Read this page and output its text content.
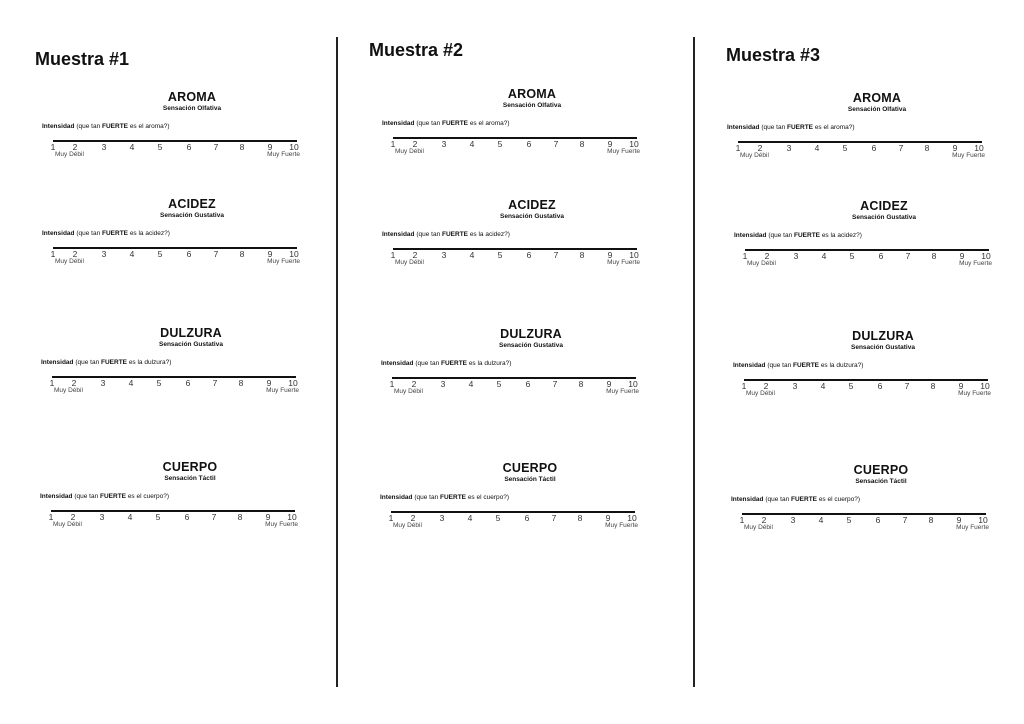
Muestra #1
AROMA
Sensación Olfativa
Intensidad (que tan FUERTE es el aroma?)
1	2	3	4	5	6	7	8	9	10
Muy Débil	Muy Fuerte
ACIDEZ
Sensación Gustativa
Intensidad (que tan FUERTE es la acidez?)
1	2	3	4	5	6	7	8	9	10
Muy Débil	Muy Fuerte
DULZURA
Sensación Gustativa
Intensidad (que tan FUERTE es la dulzura?)
1	2	3	4	5	6	7	8	9	10
Muy Débil	Muy Fuerte
CUERPO
Sensación Táctil
Intensidad (que tan FUERTE es el cuerpo?)
1	2	3	4	5	6	7	8	9	10
Muy Débil	Muy Fuerte
Muestra #2
AROMA
Sensación Olfativa
Intensidad (que tan FUERTE es el aroma?)
1	2	3	4	5	6	7	8	9	10
Muy Débil	Muy Fuerte
ACIDEZ
Sensación Gustativa
Intensidad (que tan FUERTE es la acidez?)
1	2	3	4	5	6	7	8	9	10
Muy Débil	Muy Fuerte
DULZURA
Sensación Gustativa
Intensidad (que tan FUERTE es la dulzura?)
1	2	3	4	5	6	7	8	9	10
Muy Débil	Muy Fuerte
CUERPO
Sensación Táctil
Intensidad (que tan FUERTE es el cuerpo?)
1	2	3	4	5	6	7	8	9	10
Muy Débil	Muy Fuerte
Muestra #3
AROMA
Sensación Olfativa
Intensidad (que tan FUERTE es el aroma?)
1	2	3	4	5	6	7	8	9	10
Muy Débil	Muy Fuerte
ACIDEZ
Sensación Gustativa
Intensidad (que tan FUERTE es la acidez?)
1	2	3	4	5	6	7	8	9	10
Muy Débil	Muy Fuerte
DULZURA
Sensación Gustativa
Intensidad (que tan FUERTE es la dulzura?)
1	2	3	4	5	6	7	8	9	10
Muy Débil	Muy Fuerte
CUERPO
Sensación Táctil
Intensidad (que tan FUERTE es el cuerpo?)
1	2	3	4	5	6	7	8	9	10
Muy Débil	Muy Fuerte
